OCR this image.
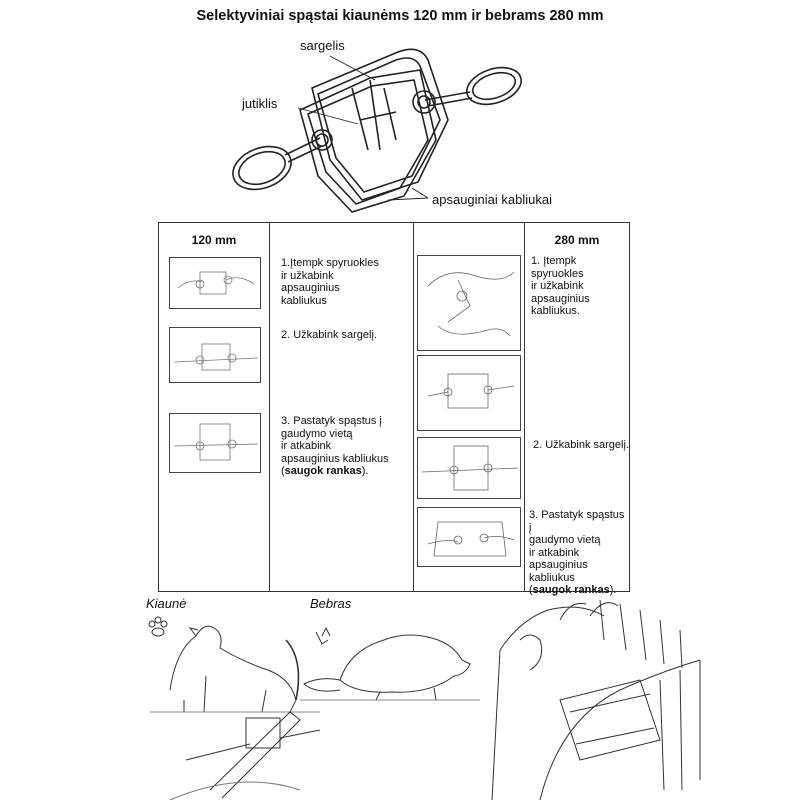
Selektyviniai spąstai kiaunėms 120 mm ir bebrams 280 mm
sargelis
jutiklis
apsauginiai kabliukai
120 mm	280 mm
1.Įtempk spyruokles
ir užkabink
apsauginius
kabliukus
2. Užkabink sargelį.
3. Pastatyk spąstus į
gaudymo vietą
ir atkabink
apsauginius kabliukus
(saugok rankas).
1. Įtempk spyruokles
ir užkabink
apsauginius
kabliukus.
2. Užkabink sargelį.
3. Pastatyk spąstus į
gaudymo vietą
ir atkabink
apsauginius kabliukus
(saugok rankas).
Kiaunė	Bebras
